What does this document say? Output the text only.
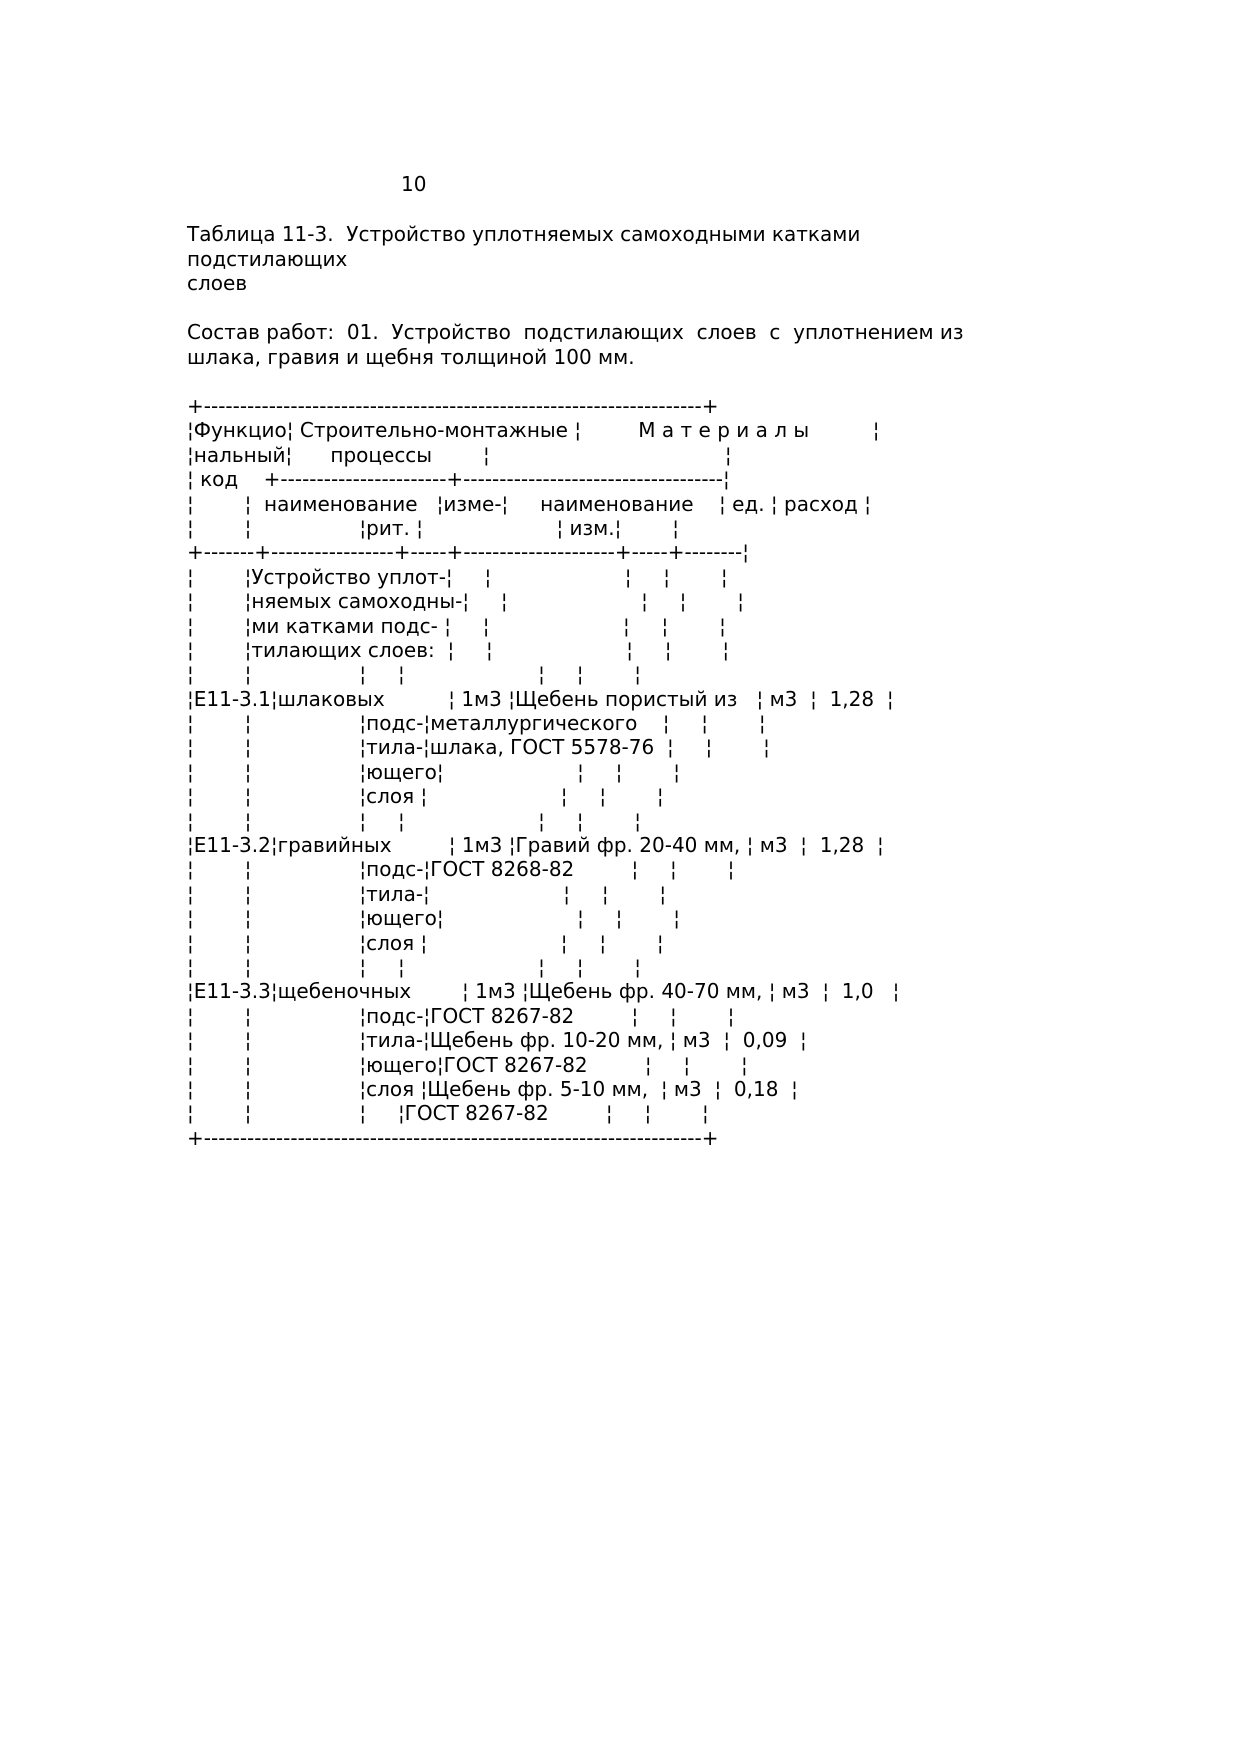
10

Таблица 11-3.  Устройство уплотняемых самоходными катками
подстилающих
слоев
Состав работ:  01.  Устройство  подстилающих  слоев  с  уплотнением из
шлака, гравия и щебня толщиной 100 мм.
+---------------------------------------------------------------------+
¦Функцио¦ Строительно-монтажные ¦         М а т е р и а л ы          ¦
¦нальный¦      процессы        ¦                                     ¦
¦ код    +-----------------------+------------------------------------¦
¦        ¦  наименование   ¦изме-¦     наименование    ¦ ед. ¦ расход ¦
¦        ¦                 ¦рит. ¦                     ¦ изм.¦        ¦
+-------+-----------------+-----+---------------------+-----+--------¦
¦        ¦Устройство уплот-¦     ¦                     ¦     ¦        ¦
¦        ¦няемых самоходны-¦     ¦                     ¦     ¦        ¦
¦        ¦ми катками подс- ¦     ¦                     ¦     ¦        ¦
¦        ¦тилающих слоев:  ¦     ¦                     ¦     ¦        ¦
¦        ¦                 ¦     ¦                     ¦     ¦        ¦
¦E11-3.1¦шлаковых          ¦ 1м3 ¦Щебень пористый из   ¦ м3  ¦  1,28  ¦
¦        ¦                 ¦подс-¦металлургического    ¦     ¦        ¦
¦        ¦                 ¦тила-¦шлака, ГОСТ 5578-76  ¦     ¦        ¦
¦        ¦                 ¦ющего¦                     ¦     ¦        ¦
¦        ¦                 ¦слоя ¦                     ¦     ¦        ¦
¦        ¦                 ¦     ¦                     ¦     ¦        ¦
¦E11-3.2¦гравийных         ¦ 1м3 ¦Гравий фр. 20-40 мм, ¦ м3  ¦  1,28  ¦
¦        ¦                 ¦подс-¦ГОСТ 8268-82         ¦     ¦        ¦
¦        ¦                 ¦тила-¦                     ¦     ¦        ¦
¦        ¦                 ¦ющего¦                     ¦     ¦        ¦
¦        ¦                 ¦слоя ¦                     ¦     ¦        ¦
¦        ¦                 ¦     ¦                     ¦     ¦        ¦
¦E11-3.3¦щебеночных        ¦ 1м3 ¦Щебень фр. 40-70 мм, ¦ м3  ¦  1,0   ¦
¦        ¦                 ¦подс-¦ГОСТ 8267-82         ¦     ¦        ¦
¦        ¦                 ¦тила-¦Щебень фр. 10-20 мм, ¦ м3  ¦  0,09  ¦
¦        ¦                 ¦ющего¦ГОСТ 8267-82         ¦     ¦        ¦
¦        ¦                 ¦слоя ¦Щебень фр. 5-10 мм,  ¦ м3  ¦  0,18  ¦
¦        ¦                 ¦     ¦ГОСТ 8267-82         ¦     ¦        ¦
+---------------------------------------------------------------------+
